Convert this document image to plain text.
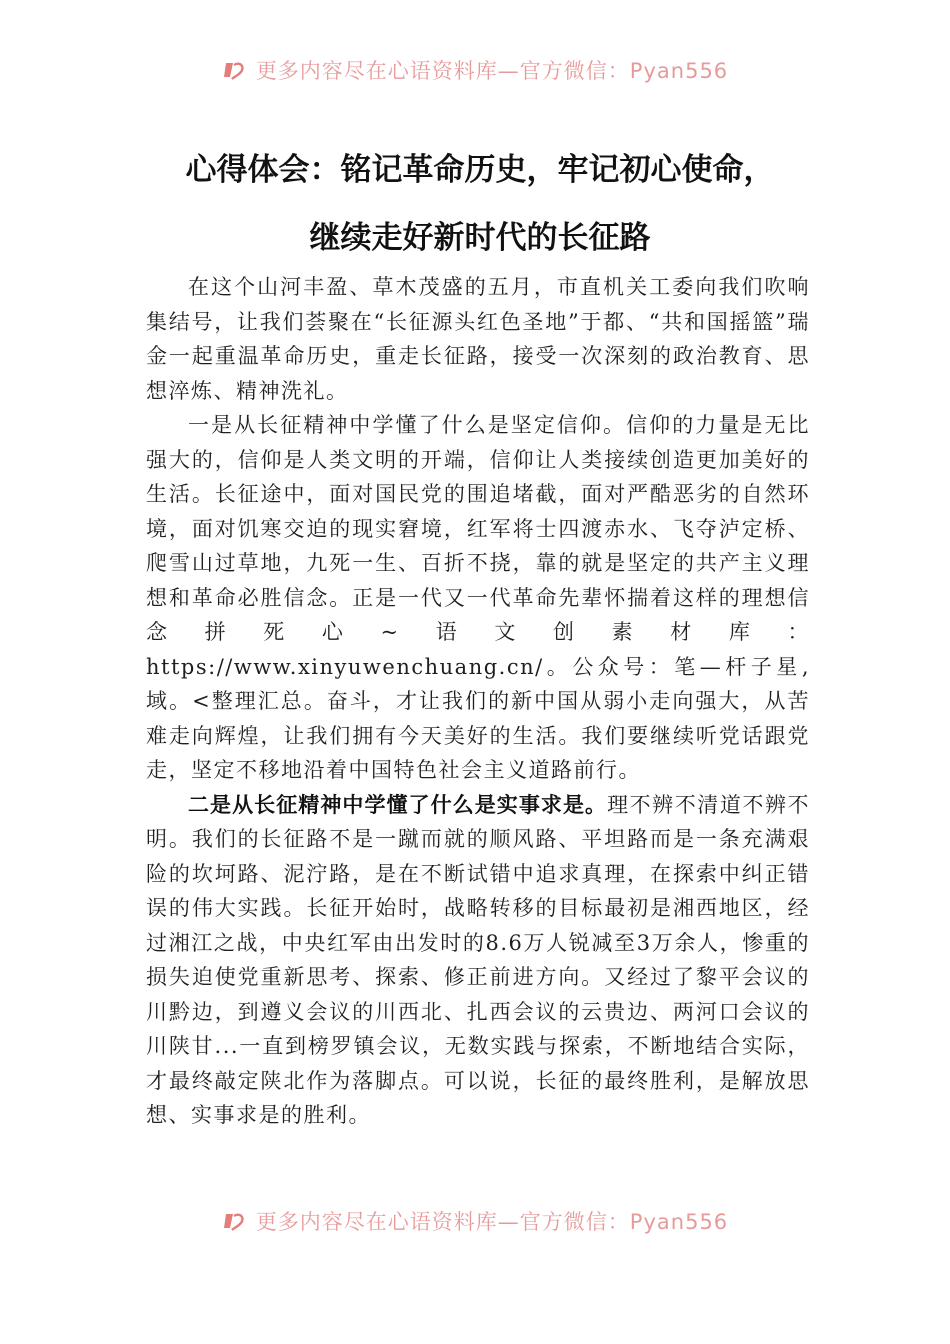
更多内容尽在心语资料库—官方微信：Pyan556
心得体会：铭记革命历史，牢记初心使命，
继续走好新时代的长征路

在这个山河丰盈、草木茂盛的五月，市直机关工委向我们吹响集结号，让我们荟聚在“长征源头红色圣地”于都、“共和国摇篮”瑞金一起重温革命历史，重走长征路，接受一次深刻的政治教育、思想淬炼、精神洗礼。

一是从长征精神中学懂了什么是坚定信仰。信仰的力量是无比强大的，信仰是人类文明的开端，信仰让人类接续创造更加美好的生活。长征途中，面对国民党的围追堵截，面对严酷恶劣的自然环境，面对饥寒交迫的现实窘境，红军将士四渡赤水、飞夺泸定桥、爬雪山过草地，九死一生、百折不挠，靠的就是坚定的共产主义理想和革命必胜信念。正是一代又一代革命先辈怀揣着这样的理想信念拼死心~语文创素材库：https://www.xinyuwenchuang.cn/。公众号：笔—杆子星,域。<整理汇总。奋斗，才让我们的新中国从弱小走向强大，从苦难走向辉煌，让我们拥有今天美好的生活。我们要继续听党话跟党走，坚定不移地沿着中国特色社会主义道路前行。

二是从长征精神中学懂了什么是实事求是。理不辨不清道不辨不明。我们的长征路不是一蹴而就的顺风路、平坦路而是一条充满艰险的坎坷路、泥泞路，是在不断试错中追求真理，在探索中纠正错误的伟大实践。长征开始时，战略转移的目标最初是湘西地区，经过湘江之战，中央红军由出发时的8.6万人锐减至3万余人，惨重的损失迫使党重新思考、探索、修正前进方向。又经过了黎平会议的川黔边，到遵义会议的川西北、扎西会议的云贵边、两河口会议的川陕甘...一直到榜罗镇会议，无数实践与探索，不断地结合实际，才最终敲定陕北作为落脚点。可以说，长征的最终胜利，是解放思想、实事求是的胜利。

更多内容尽在心语资料库—官方微信：Pyan556
